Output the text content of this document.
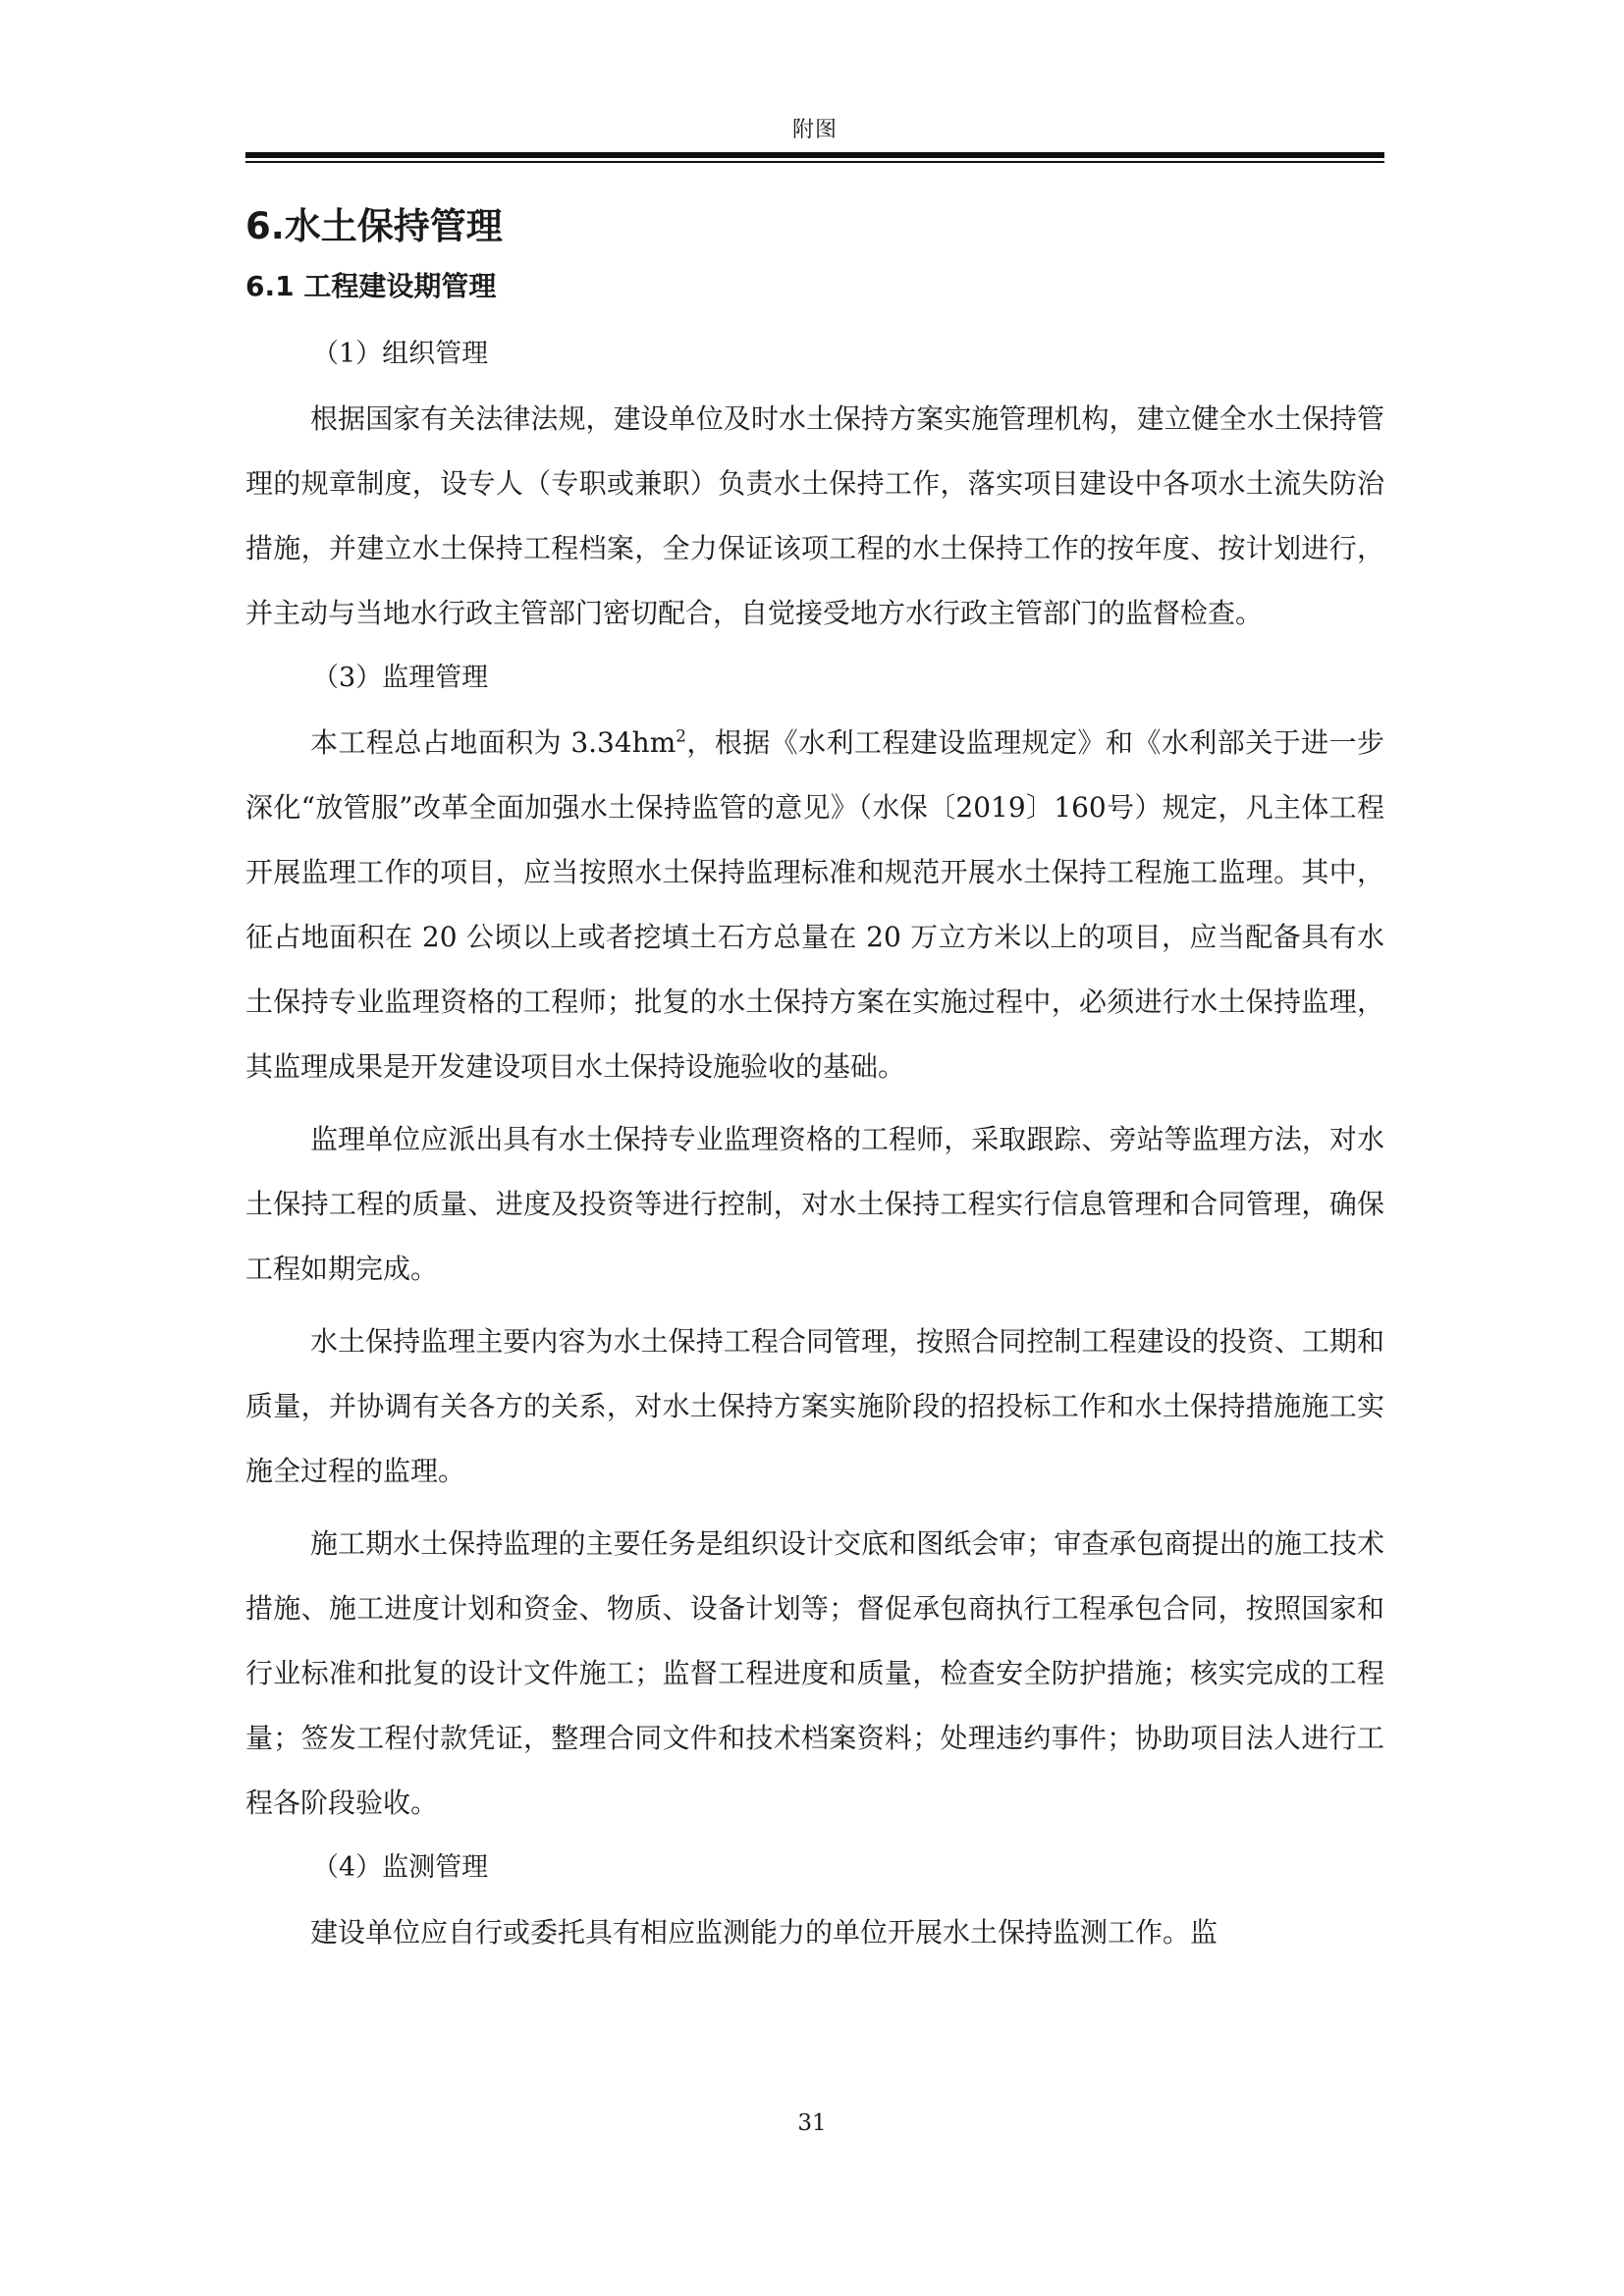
附图
6.水土保持管理
6.1 工程建设期管理

（1）组织管理

根据国家有关法律法规，建设单位及时水土保持方案实施管理机构，建立健全水土保持管理的规章制度，设专人（专职或兼职）负责水土保持工作，落实项目建设中各项水土流失防治措施，并建立水土保持工程档案，全力保证该项工程的水土保持工作的按年度、按计划进行，并主动与当地水行政主管部门密切配合，自觉接受地方水行政主管部门的监督检查。

（3）监理管理

本工程总占地面积为 $3.34hm^2$，根据《水利工程建设监理规定》和《水利部关于进一步深化“放管服”改革全面加强水土保持监管的意见》（水保〔2019〕160号）规定，凡主体工程开展监理工作的项目，应当按照水土保持监理标准和规范开展水土保持工程施工监理。其中，征占地面积在 20 公顷以上或者挖填土石方总量在 20 万立方米以上的项目，应当配备具有水土保持专业监理资格的工程师；批复的水土保持方案在实施过程中，必须进行水土保持监理，其监理成果是开发建设项目水土保持设施验收的基础。

监理单位应派出具有水土保持专业监理资格的工程师，采取跟踪、旁站等监理方法，对水土保持工程的质量、进度及投资等进行控制，对水土保持工程实行信息管理和合同管理，确保工程如期完成。

水土保持监理主要内容为水土保持工程合同管理，按照合同控制工程建设的投资、工期和质量，并协调有关各方的关系，对水土保持方案实施阶段的招投标工作和水土保持措施施工实施全过程的监理。

施工期水土保持监理的主要任务是组织设计交底和图纸会审；审查承包商提出的施工技术措施、施工进度计划和资金、物质、设备计划等；督促承包商执行工程承包合同，按照国家和行业标准和批复的设计文件施工；监督工程进度和质量，检查安全防护措施；核实完成的工程量；签发工程付款凭证，整理合同文件和技术档案资料；处理违约事件；协助项目法人进行工程各阶段验收。

（4）监测管理

建设单位应自行或委托具有相应监测能力的单位开展水土保持监测工作。监

31
